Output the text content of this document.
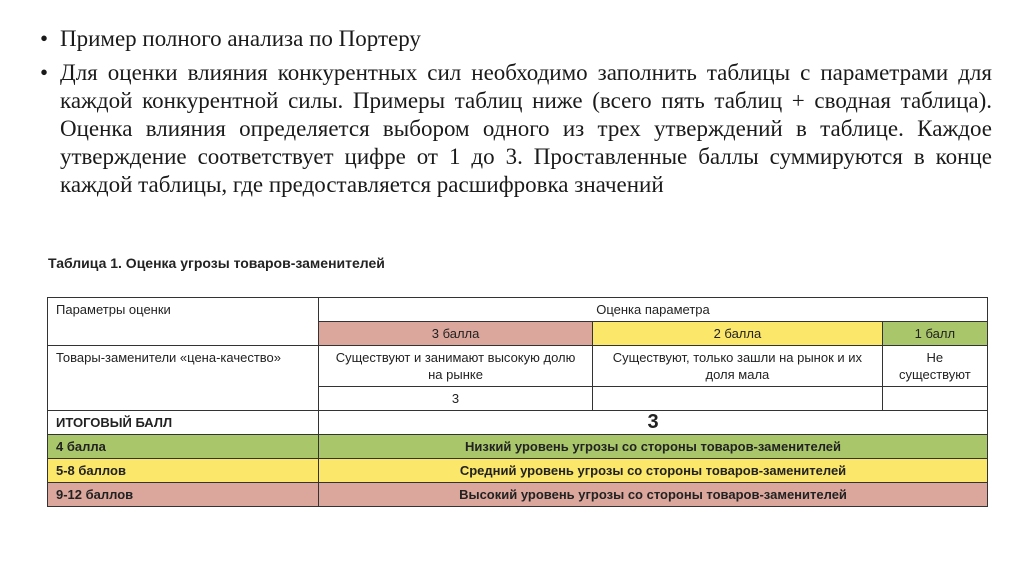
• Пример полного анализа по Портеру
• Для оценки влияния конкурентных сил необходимо заполнить таблицы с параметрами для каждой конкурентной силы. Примеры таблиц ниже (всего пять таблиц + сводная таблица). Оценка влияния определяется выбором одного из трех утверждений в таблице. Каждое утверждение соответствует цифре от 1 до 3. Проставленные баллы суммируются в конце каждой таблицы, где предоставляется расшифровка значений
Таблица 1. Оценка угрозы товаров-заменителей
Параметры оценки	Оценка параметра		
	3 балла	2 балла	1 балл
Товары-заменители «цена-качество»	Существуют и занимают высокую долю на рынке	Существуют, только зашли на рынок и их доля мала	Не существуют
	3		
ИТОГОВЫЙ БАЛЛ	3		
4 балла	Низкий уровень угрозы со стороны товаров-заменителей		
5-8 баллов	Средний уровень угрозы со стороны товаров-заменителей		
9-12 баллов	Высокий уровень угрозы со стороны товаров-заменителей		
